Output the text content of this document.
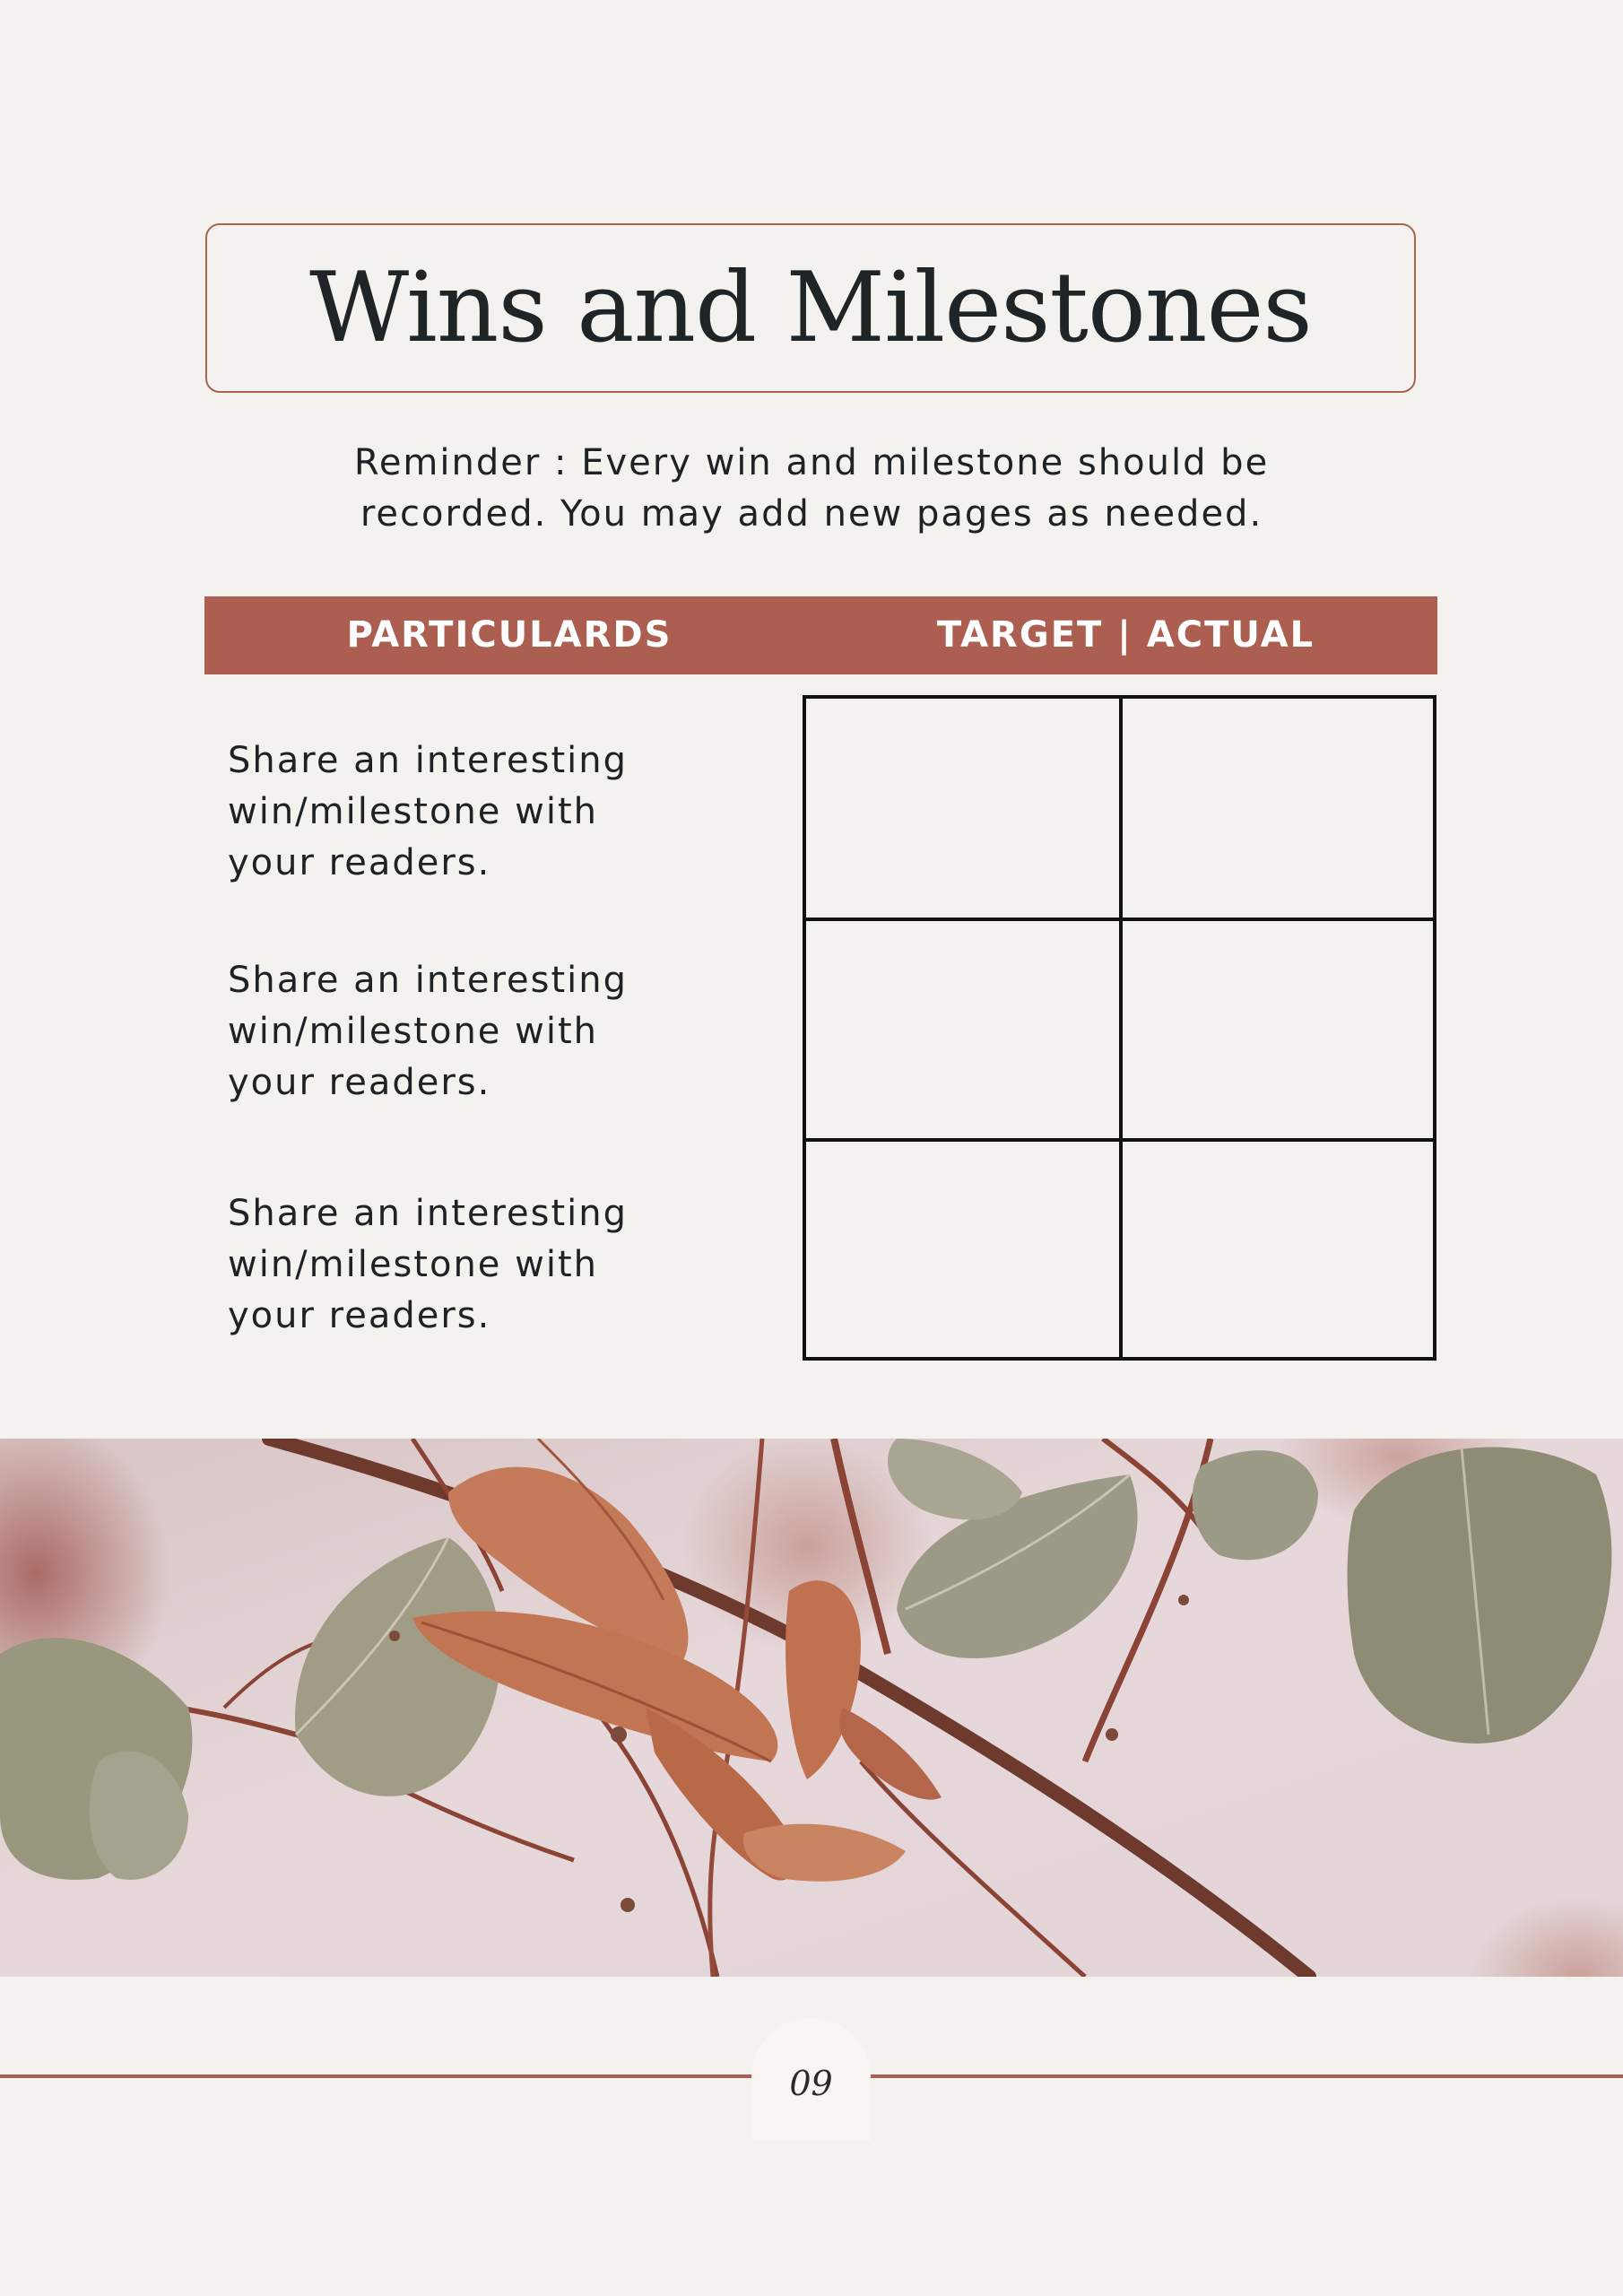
Wins and Milestones
Reminder : Every win and milestone should be
recorded. You may add new pages as needed.
PARTICULARDS	TARGET | ACTUAL
Share an interesting
win/milestone with
your readers.
Share an interesting
win/milestone with
your readers.
Share an interesting
win/milestone with
your readers.
09
